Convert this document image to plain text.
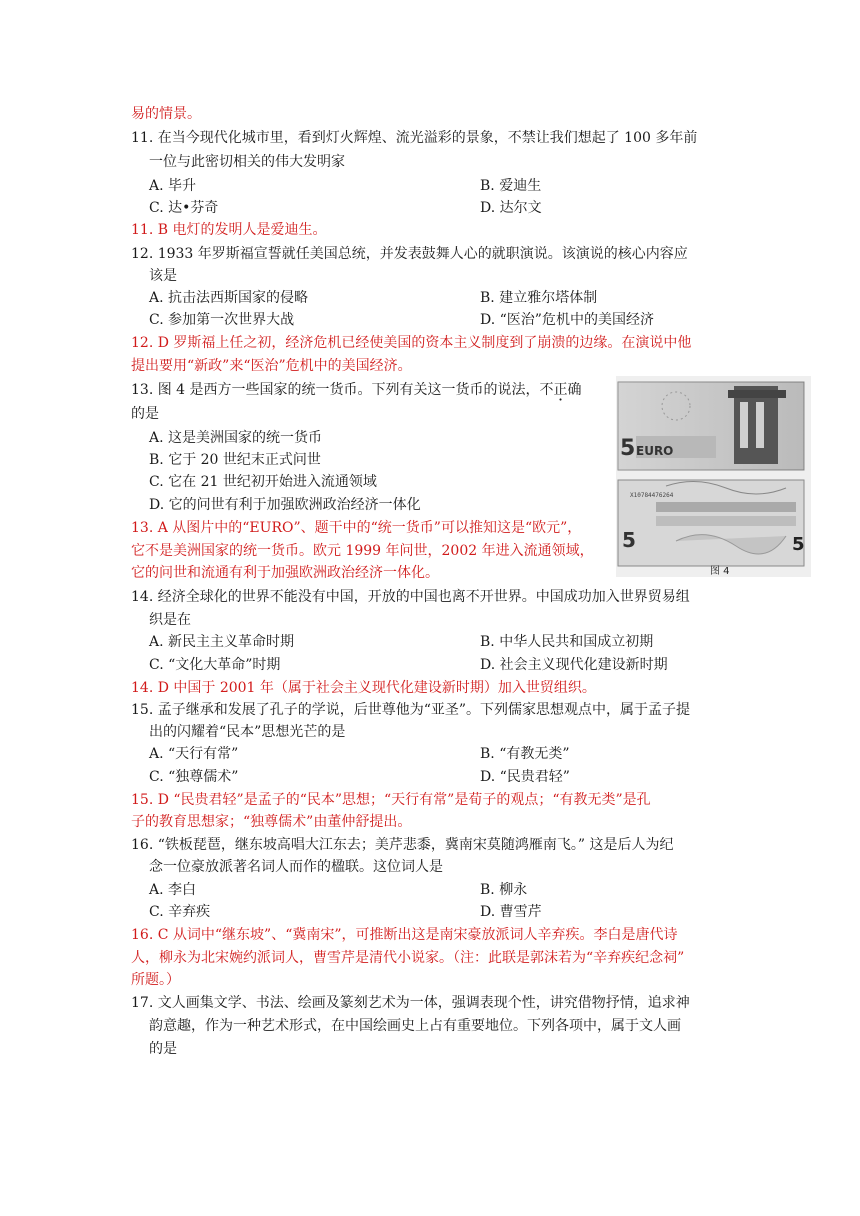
易的情景。
11. 在当今现代化城市里，看到灯火辉煌、流光溢彩的景象，不禁让我们想起了 100 多年前
一位与此密切相关的伟大发明家
A. 毕升	B. 爱迪生
C. 达•芬奇	D. 达尔文
11. B 电灯的发明人是爱迪生。
12. 1933 年罗斯福宣誓就任美国总统，并发表鼓舞人心的就职演说。该演说的核心内容应
该是
A. 抗击法西斯国家的侵略	B. 建立雅尔塔体制
C. 参加第一次世界大战	D. “医治”危机中的美国经济
12. D 罗斯福上任之初，经济危机已经使美国的资本主义制度到了崩溃的边缘。在演说中他
提出要用“新政”来“医治”危机中的美国经济。
13. 图 4 是西方一些国家的统一货币。下列有关这一货币的说法，不正确
的是
A. 这是美洲国家的统一货币
B. 它于 20 世纪末正式问世
C. 它在 21 世纪初开始进入流通领域
D. 它的问世有利于加强欧洲政治经济一体化
13. A 从图片中的“EURO”、题干中的“统一货币”可以推知这是“欧元”，
它不是美洲国家的统一货币。欧元 1999 年问世，2002 年进入流通领域，
它的问世和流通有利于加强欧洲政治经济一体化。
5 EURO
5	5
X10784476264
图 4
14. 经济全球化的世界不能没有中国，开放的中国也离不开世界。中国成功加入世界贸易组
织是在
A. 新民主主义革命时期	B. 中华人民共和国成立初期
C. “文化大革命”时期	D. 社会主义现代化建设新时期
14. D 中国于 2001 年（属于社会主义现代化建设新时期）加入世贸组织。
15. 孟子继承和发展了孔子的学说，后世尊他为“亚圣”。下列儒家思想观点中，属于孟子提
出的闪耀着“民本”思想光芒的是
A. “天行有常”	B. “有教无类”
C. “独尊儒术”	D. “民贵君轻”
15. D “民贵君轻”是孟子的“民本”思想；“天行有常”是荀子的观点；“有教无类”是孔
子的教育思想家；“独尊儒术”由董仲舒提出。
16. “铁板琵琶，继东坡高唱大江东去；美芹悲黍，冀南宋莫随鸿雁南飞。” 这是后人为纪
念一位豪放派著名词人而作的楹联。这位词人是
A. 李白	B. 柳永
C. 辛弃疾	D. 曹雪芹
16. C 从词中“继东坡”、“冀南宋”，可推断出这是南宋豪放派词人辛弃疾。李白是唐代诗
人，柳永为北宋婉约派词人，曹雪芹是清代小说家。（注：此联是郭沫若为“辛弃疾纪念祠”
所题。）
17. 文人画集文学、书法、绘画及篆刻艺术为一体，强调表现个性，讲究借物抒情，追求神
韵意趣，作为一种艺术形式，在中国绘画史上占有重要地位。下列各项中，属于文人画
的是
